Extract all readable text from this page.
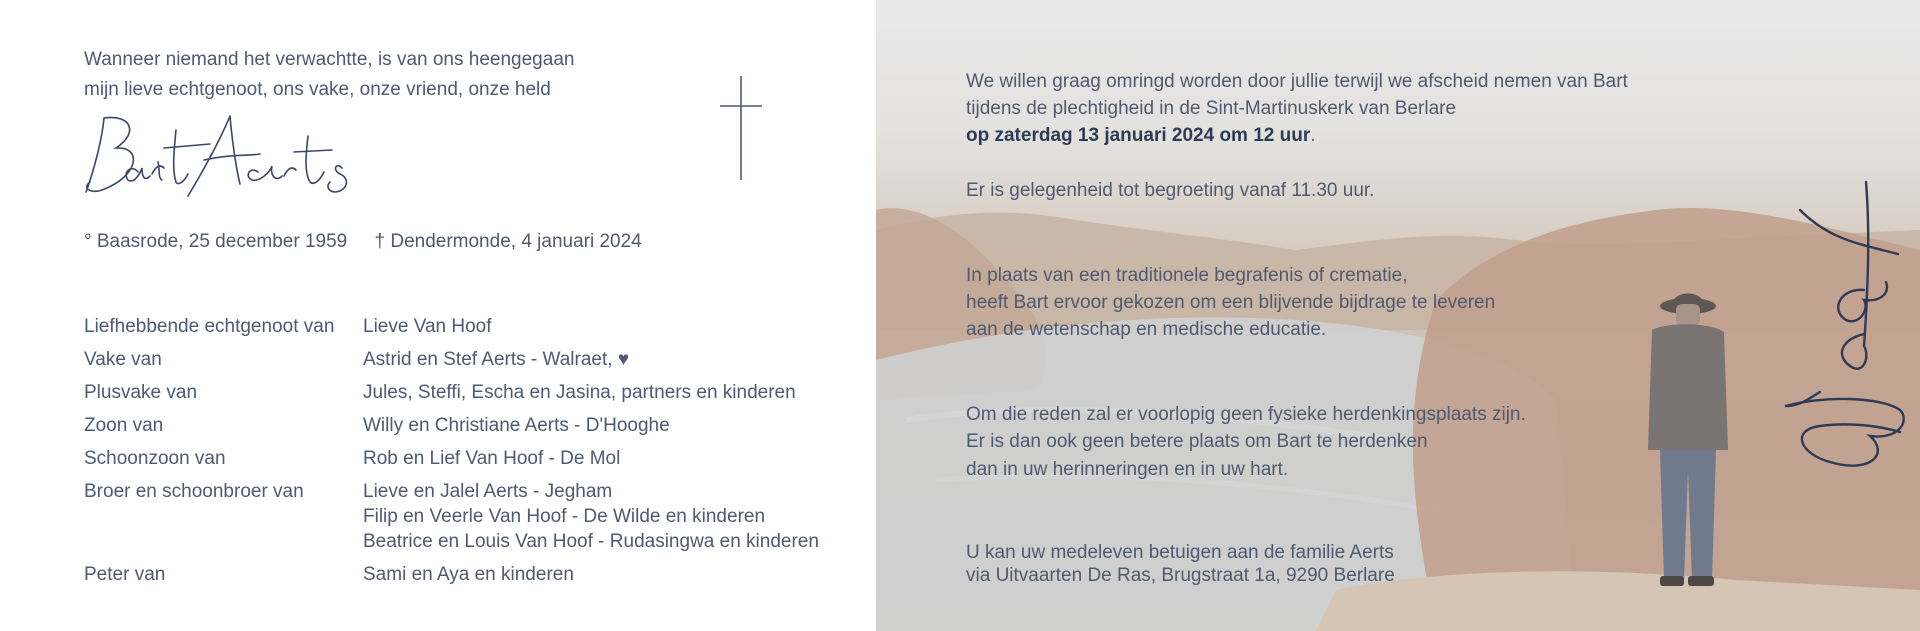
Wanneer niemand het verwachtte, is van ons heengegaan
mijn lieve echtgenoot, ons vake, onze vriend, onze held
° Baasrode, 25 december 1959 † Dendermonde, 4 januari 2024
Liefhebbende echtgenoot van Lieve Van Hoof
Vake van	Astrid en Stef Aerts - Walraet, ♥
Plusvake van	Jules, Steffi, Escha en Jasina, partners en kinderen
Zoon van	Willy en Christiane Aerts - D'Hooghe
Schoonzoon van	Rob en Lief Van Hoof - De Mol
Broer en schoonbroer van	Lieve en Jalel Aerts - Jegham
Filip en Veerle Van Hoof - De Wilde en kinderen
Beatrice en Louis Van Hoof - Rudasingwa en kinderen
Peter van	Sami en Aya en kinderen
We willen graag omringd worden door jullie terwijl we afscheid nemen van Bart
tijdens de plechtigheid in de Sint-Martinuskerk van Berlare
op zaterdag 13 januari 2024 om 12 uur.
Er is gelegenheid tot begroeting vanaf 11.30 uur.
In plaats van een traditionele begrafenis of crematie,
heeft Bart ervoor gekozen om een blijvende bijdrage te leveren
aan de wetenschap en medische educatie.
Om die reden zal er voorlopig geen fysieke herdenkingsplaats zijn.
Er is dan ook geen betere plaats om Bart te herdenken
dan in uw herinneringen en in uw hart.
U kan uw medeleven betuigen aan de familie Aerts
via Uitvaarten De Ras, Brugstraat 1a, 9290 Berlare
